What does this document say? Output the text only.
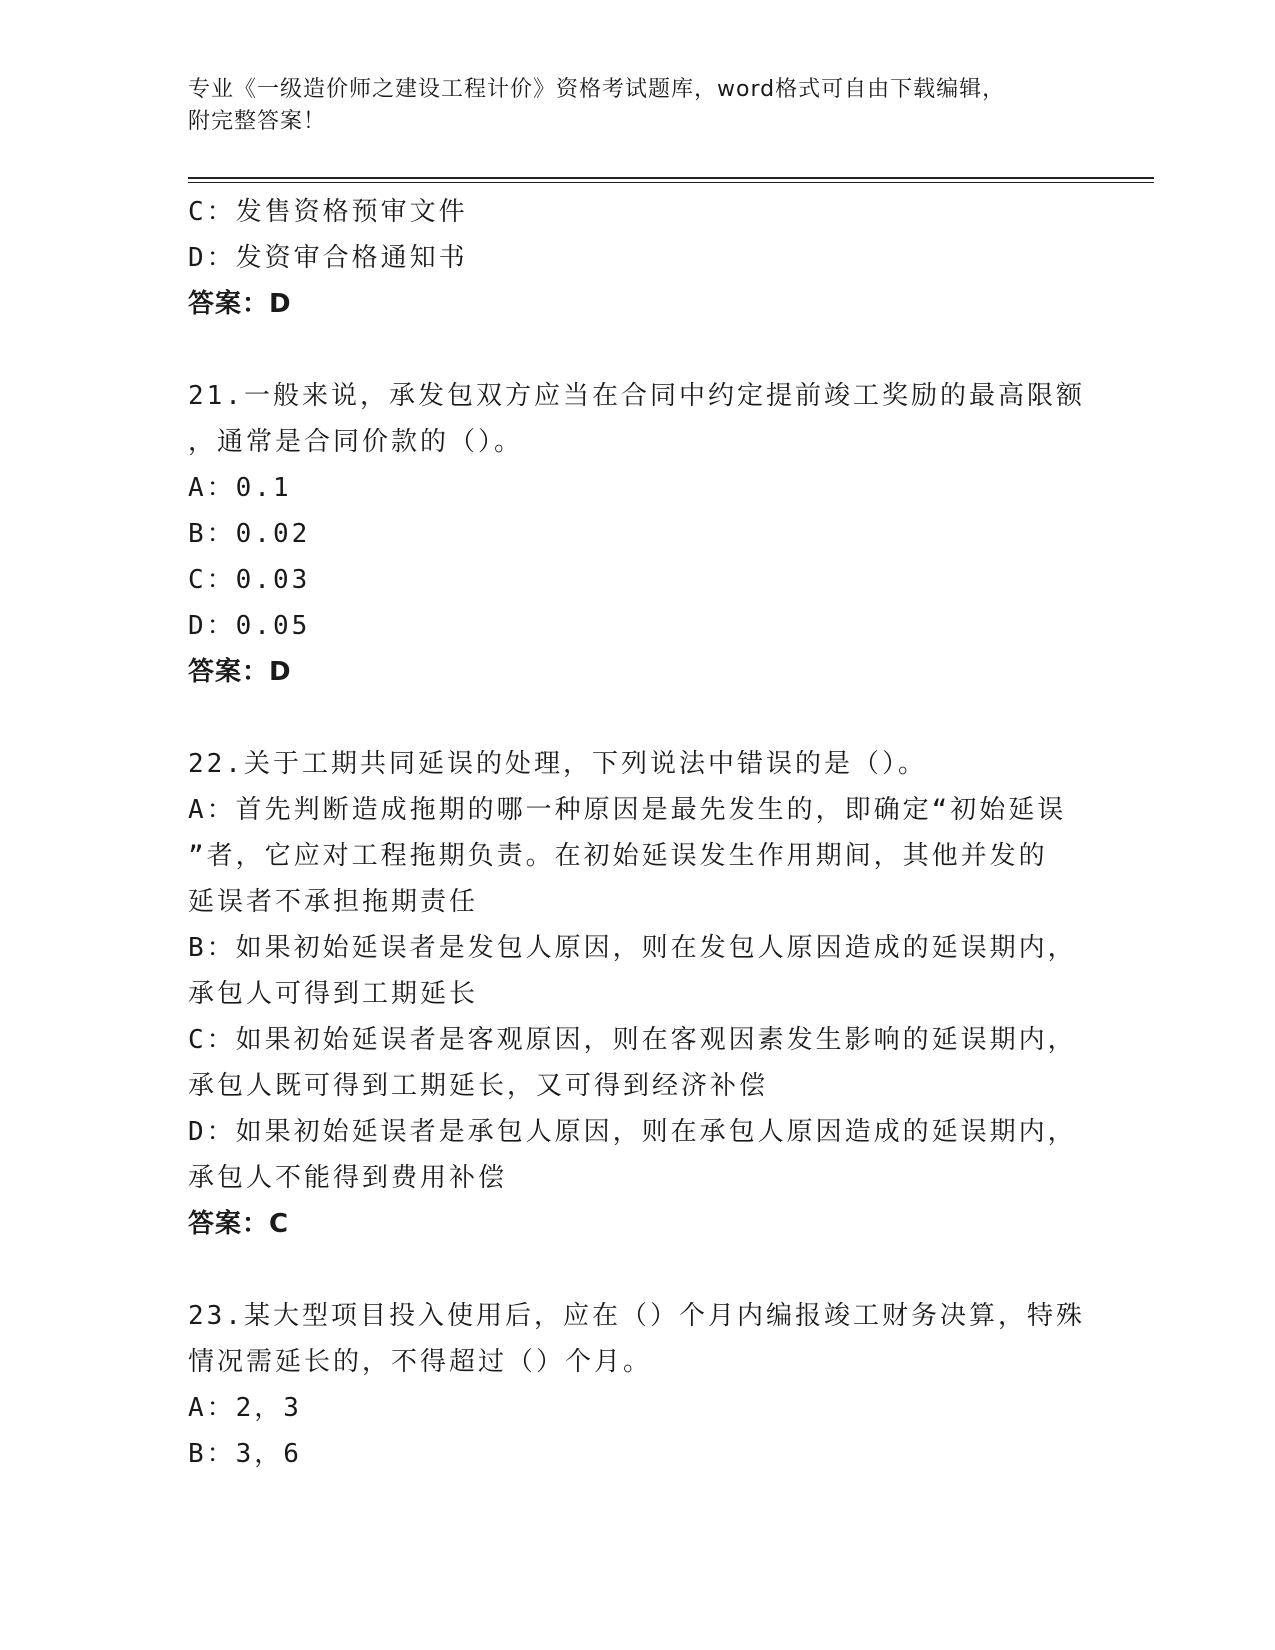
专业《一级造价师之建设工程计价》资格考试题库，word格式可自由下载编辑，
附完整答案！
C：发售资格预审文件
D：发资审合格通知书
答案：D
21.一般来说，承发包双方应当在合同中约定提前竣工奖励的最高限额
，通常是合同价款的（）。
A：0.1
B：0.02
C：0.03
D：0.05
答案：D
22.关于工期共同延误的处理，下列说法中错误的是（）。
A：首先判断造成拖期的哪一种原因是最先发生的，即确定“初始延误
”者，它应对工程拖期负责。在初始延误发生作用期间，其他并发的
延误者不承担拖期责任
B：如果初始延误者是发包人原因，则在发包人原因造成的延误期内，
承包人可得到工期延长
C：如果初始延误者是客观原因，则在客观因素发生影响的延误期内，
承包人既可得到工期延长，又可得到经济补偿
D：如果初始延误者是承包人原因，则在承包人原因造成的延误期内，
承包人不能得到费用补偿
答案：C
23.某大型项目投入使用后，应在（）个月内编报竣工财务决算，特殊
情况需延长的，不得超过（）个月。
A：2，3
B：3，6
